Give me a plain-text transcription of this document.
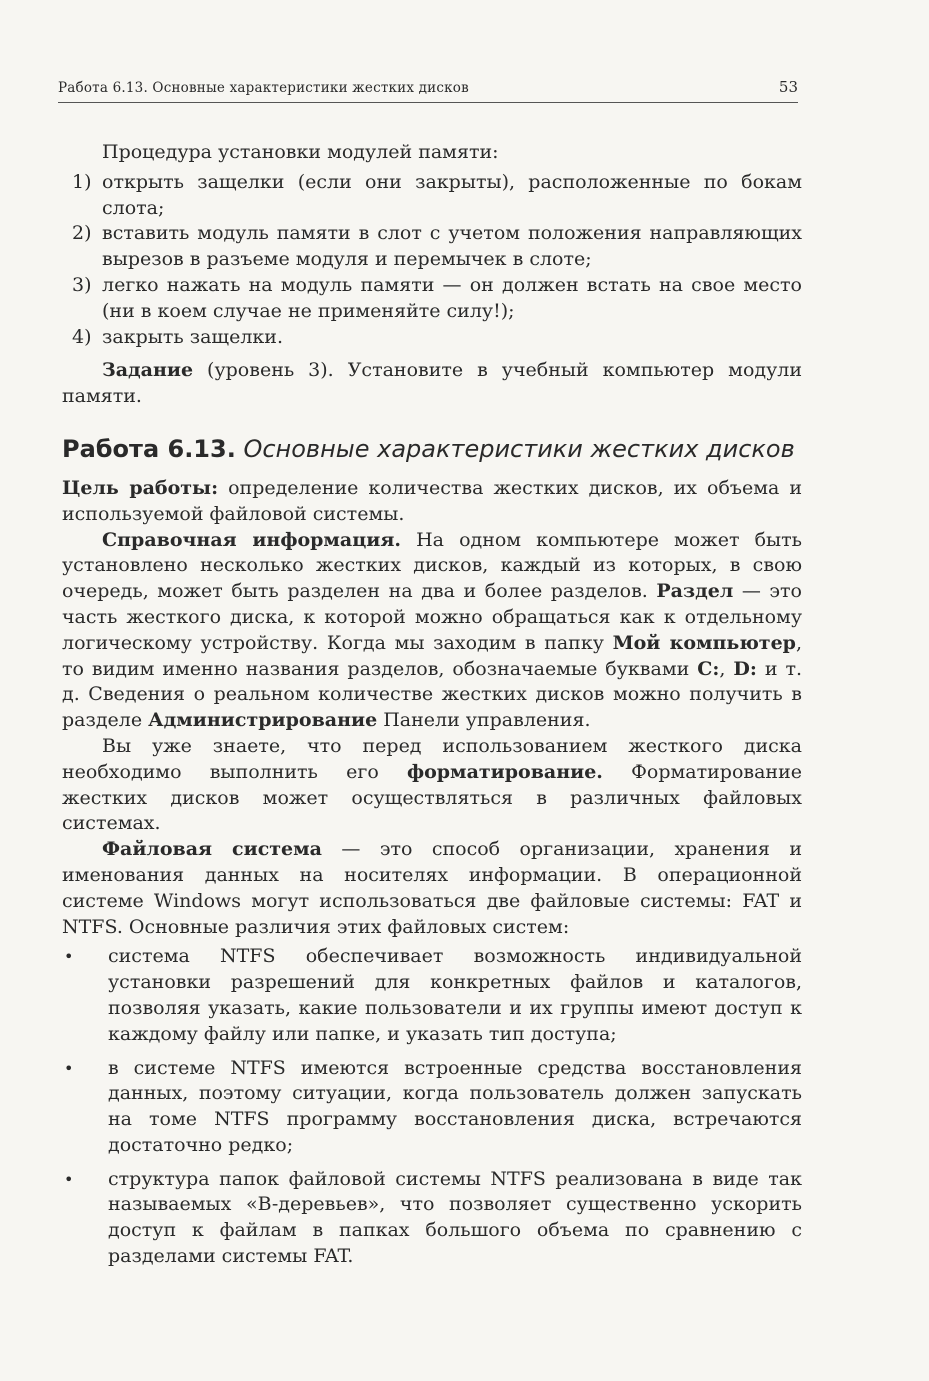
Работа 6.13. Основные характеристики жестких дисков	53

Процедура установки модулей памяти:

1) открыть защелки (если они закрыты), расположенные по бокам слота;
2) вставить модуль памяти в слот с учетом положения направляющих вырезов в разъеме модуля и перемычек в слоте;
3) легко нажать на модуль памяти — он должен встать на свое место (ни в коем случае не применяйте силу!);
4) закрыть защелки.

Задание (уровень 3). Установите в учебный компьютер модули памяти.

Работа 6.13. Основные характеристики жестких дисков

Цель работы: определение количества жестких дисков, их объема и используемой файловой системы.

Справочная информация. На одном компьютере может быть установлено несколько жестких дисков, каждый из которых, в свою очередь, может быть разделен на два и более разделов. Раздел — это часть жесткого диска, к которой можно обращаться как к отдельному логическому устройству. Когда мы заходим в папку Мой компьютер, то видим именно названия разделов, обозначаемые буквами C:, D: и т. д. Сведения о реальном количестве жестких дисков можно получить в разделе Администрирование Панели управления.

Вы уже знаете, что перед использованием жесткого диска необходимо выполнить его форматирование. Форматирование жестких дисков может осуществляться в различных файловых системах.

Файловая система — это способ организации, хранения и именования данных на носителях информации. В операционной системе Windows могут использоваться две файловые системы: FAT и NTFS. Основные различия этих файловых систем:

•	система NTFS обеспечивает возможность индивидуальной установки разрешений для конкретных файлов и каталогов, позволяя указать, какие пользователи и их группы имеют доступ к каждому файлу или папке, и указать тип доступа;
•	в системе NTFS имеются встроенные средства восстановления данных, поэтому ситуации, когда пользователь должен запускать на томе NTFS программу восстановления диска, встречаются достаточно редко;
•	структура папок файловой системы NTFS реализована в виде так называемых «B-деревьев», что позволяет существенно ускорить доступ к файлам в папках большого объема по сравнению с разделами системы FAT.
